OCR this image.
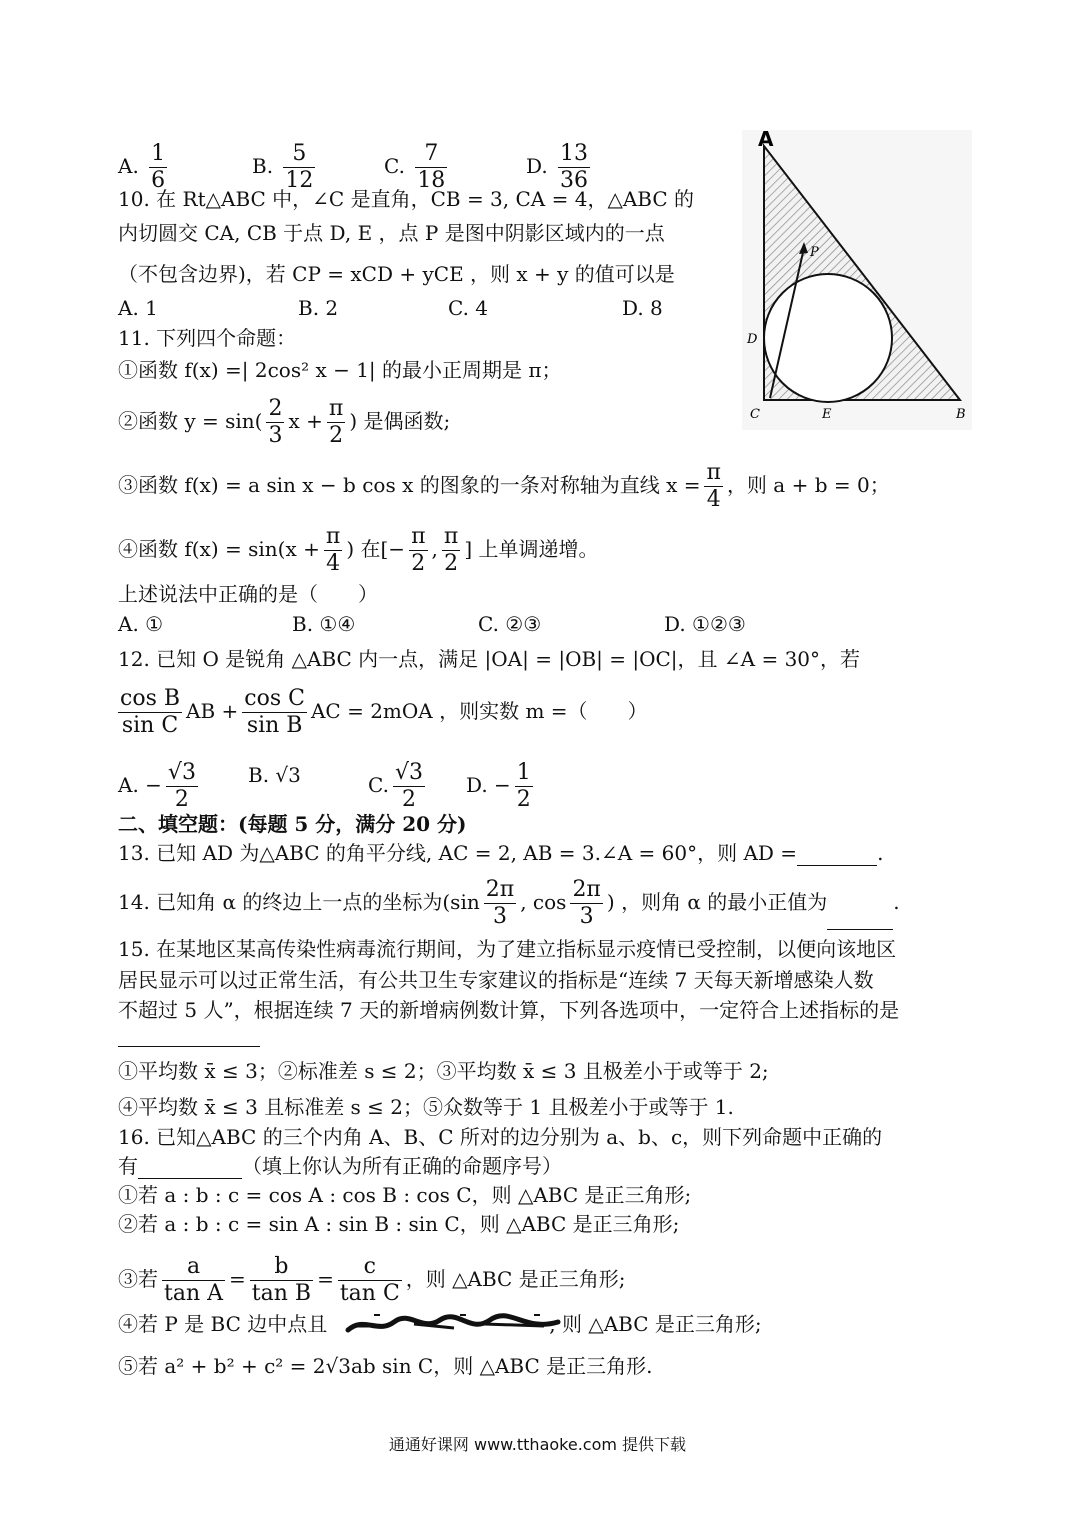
A. $\frac{1}{6}$	B. $\frac{5}{12}$	C. $\frac{7}{18}$	D. $\frac{13}{36}$
10. 在 Rt△ABC 中，∠C 是直角，CB = 3, CA = 4，△ABC 的
内切圆交 CA, CB 于点 D, E ，点 P 是图中阴影区域内的一点
（不包含边界)，若 CP = xCD + yCE ，则 x + y 的值可以是
A. 1	B. 2	C. 4	D. 8
A
P
D
C	E	B
11. 下列四个命题：
①函数 f(x) =| 2cos² x − 1| 的最小正周期是 π；
②函数 $y = \sin( \frac{2}{3}$ $x + \frac{\pi}{2}$ ) 是偶函数;
③函数 f(x) = a sin x − b cos x 的图象的一条对称轴为直线 $x = \frac{\pi}{4}$ ，则 a + b = 0；
④函数 $f(x) = \sin(x + \frac{\pi}{4}$ ) 在[− $\frac{\pi}{2}$ , $\frac{\pi}{2}$ ] 上单调递增。
上述说法中正确的是（　　）
A. ①	B. ①④	C. ②③	D. ①②③
12. 已知 O 是锐角 △ABC 内一点，满足 |OA| = |OB| = |OC|，且 ∠A = 30°，若
$\frac{\text{cos B}}{\text{sin C}}$ AB + $\frac{\text{cos C}}{\text{sin B}}$ AC = 2mOA ，则实数 m =（　　）
A. − $\frac{√3}{2}$	B. √3	C. $\frac{√3}{2} D$. − $\frac{1}{2}$
二、填空题：(每题 5 分，满分 20 分)
13. 已知 AD 为△ABC 的角平分线, AC = 2, AB = 3.∠A = 60°，则 AD =	.
14. 已知角 α 的终边上一点的坐标为($\sin \frac{2\pi}{3}$ , $\cos \frac{2\pi}{3}$ ) ，则角 α 的最小正值为	.
15. 在某地区某高传染性病毒流行期间，为了建立指标显示疫情已受控制，以便向该地区
居民显示可以过正常生活，有公共卫生专家建议的指标是“连续 7 天每天新增感染人数
不超过 5 人”，根据连续 7 天的新增病例数计算，下列各选项中，一定符合上述指标的是
①平均数 x̄ ≤ 3；②标准差 s ≤ 2；③平均数 x̄ ≤ 3 且极差小于或等于 2;
④平均数 x̄ ≤ 3 且标准差 s ≤ 2；⑤众数等于 1 且极差小于或等于 1.
16. 已知△ABC 的三个内角 A、B、C 所对的边分别为 a、b、c，则下列命题中正确的
有	（填上你认为所有正确的命题序号）
①若 a : b : c = cos A : cos B : cos C，则 △ABC 是正三角形;
②若 a : b : c = sin A : sin B : sin C，则 △ABC 是正三角形;
③若 $\frac{a}{\text{tan A}} = \frac{b}{\text{tan B}} = \frac{c}{\text{tan C}}$ ，则 △ABC 是正三角形;
④若 P 是 BC 边中点且	, 则 △ABC 是正三角形;
⑤若 a² + b² + c² = 2√3ab sin C，则 △ABC 是正三角形.
通通好课网 www.tthaoke.com 提供下载
